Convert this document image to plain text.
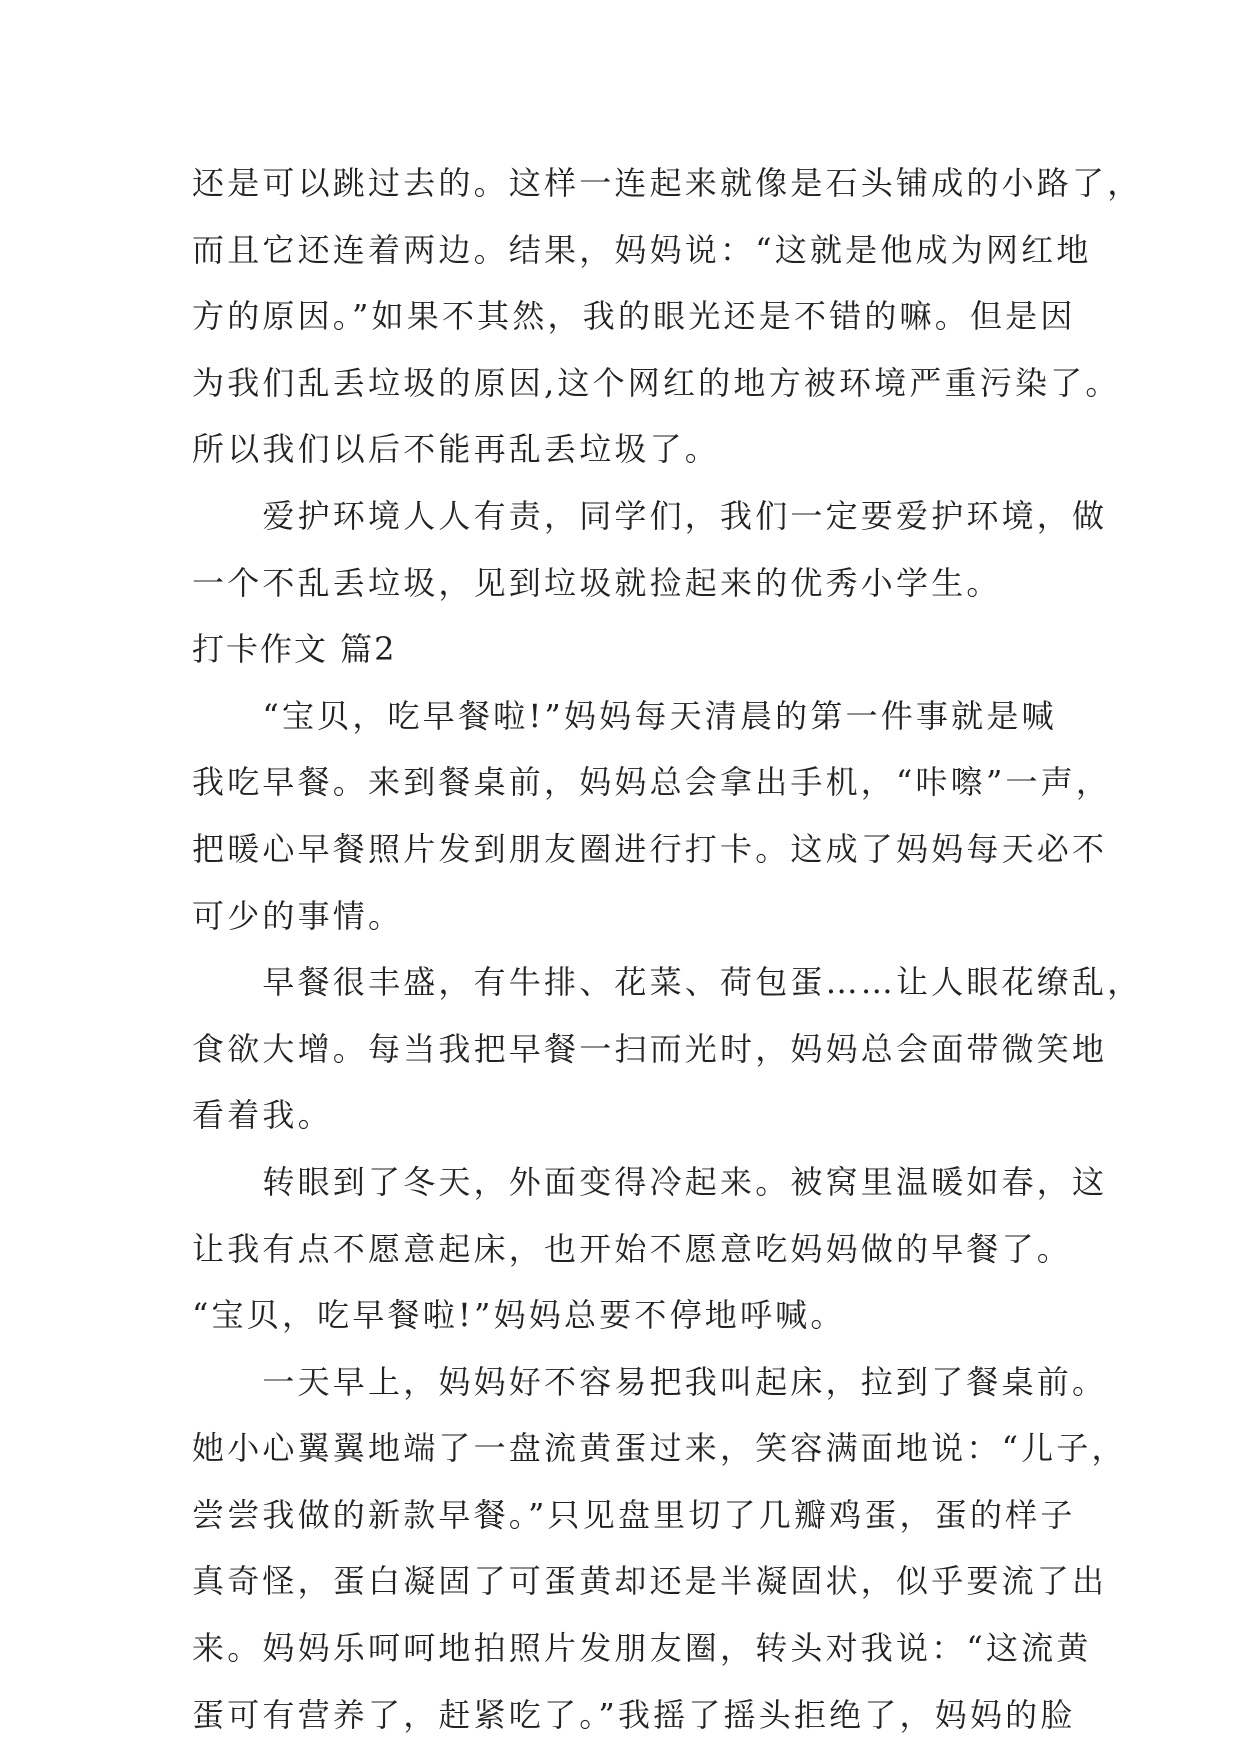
还是可以跳过去的。这样一连起来就像是石头铺成的小路了，
而且它还连着两边。结果，妈妈说：“这就是他成为网红地
方的原因。”如果不其然，我的眼光还是不错的嘛。但是因
为我们乱丢垃圾的原因,这个网红的地方被环境严重污染了。
所以我们以后不能再乱丢垃圾了。
　　爱护环境人人有责，同学们，我们一定要爱护环境，做
一个不乱丢垃圾，见到垃圾就捡起来的优秀小学生。
打卡作文 篇2
　　“宝贝，吃早餐啦!”妈妈每天清晨的第一件事就是喊
我吃早餐。来到餐桌前，妈妈总会拿出手机，“咔嚓”一声，
把暖心早餐照片发到朋友圈进行打卡。这成了妈妈每天必不
可少的事情。
　　早餐很丰盛，有牛排、花菜、荷包蛋……让人眼花缭乱，
食欲大增。每当我把早餐一扫而光时，妈妈总会面带微笑地
看着我。
　　转眼到了冬天，外面变得冷起来。被窝里温暖如春，这
让我有点不愿意起床，也开始不愿意吃妈妈做的早餐了。
“宝贝，吃早餐啦!”妈妈总要不停地呼喊。
　　一天早上，妈妈好不容易把我叫起床，拉到了餐桌前。
她小心翼翼地端了一盘流黄蛋过来，笑容满面地说：“儿子，
尝尝我做的新款早餐。”只见盘里切了几瓣鸡蛋，蛋的样子
真奇怪，蛋白凝固了可蛋黄却还是半凝固状，似乎要流了出
来。妈妈乐呵呵地拍照片发朋友圈，转头对我说：“这流黄
蛋可有营养了，赶紧吃了。”我摇了摇头拒绝了，妈妈的脸
